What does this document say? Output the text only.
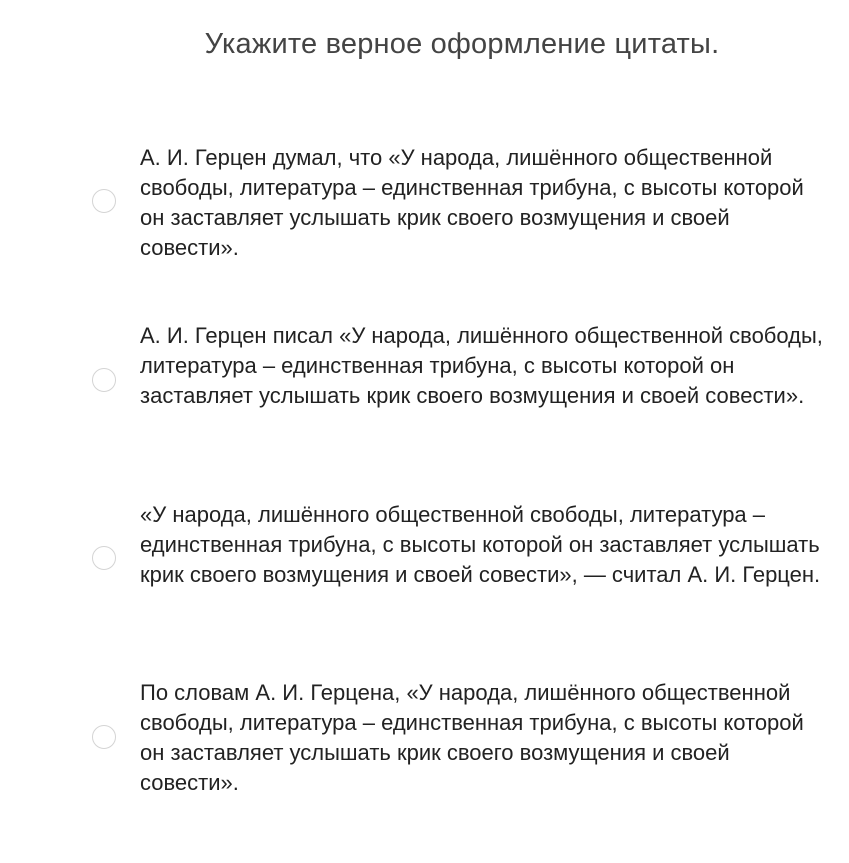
Укажите верное оформление цитаты.
А. И. Герцен думал, что «У народа, лишённого общественной свободы, литература – единственная трибуна, с высоты которой он заставляет услышать крик своего возмущения и своей совести».
А. И. Герцен писал «У народа, лишённого общественной свободы, литература – единственная трибуна, с высоты которой он заставляет услышать крик своего возмущения и своей совести».
«У народа, лишённого общественной свободы, литература – единственная трибуна, с высоты которой он заставляет услышать крик своего возмущения и своей совести», — считал А. И. Герцен.
По словам А. И. Герцена, «У народа, лишённого общественной свободы, литература – единственная трибуна, с высоты которой он заставляет услышать крик своего возмущения и своей совести».
